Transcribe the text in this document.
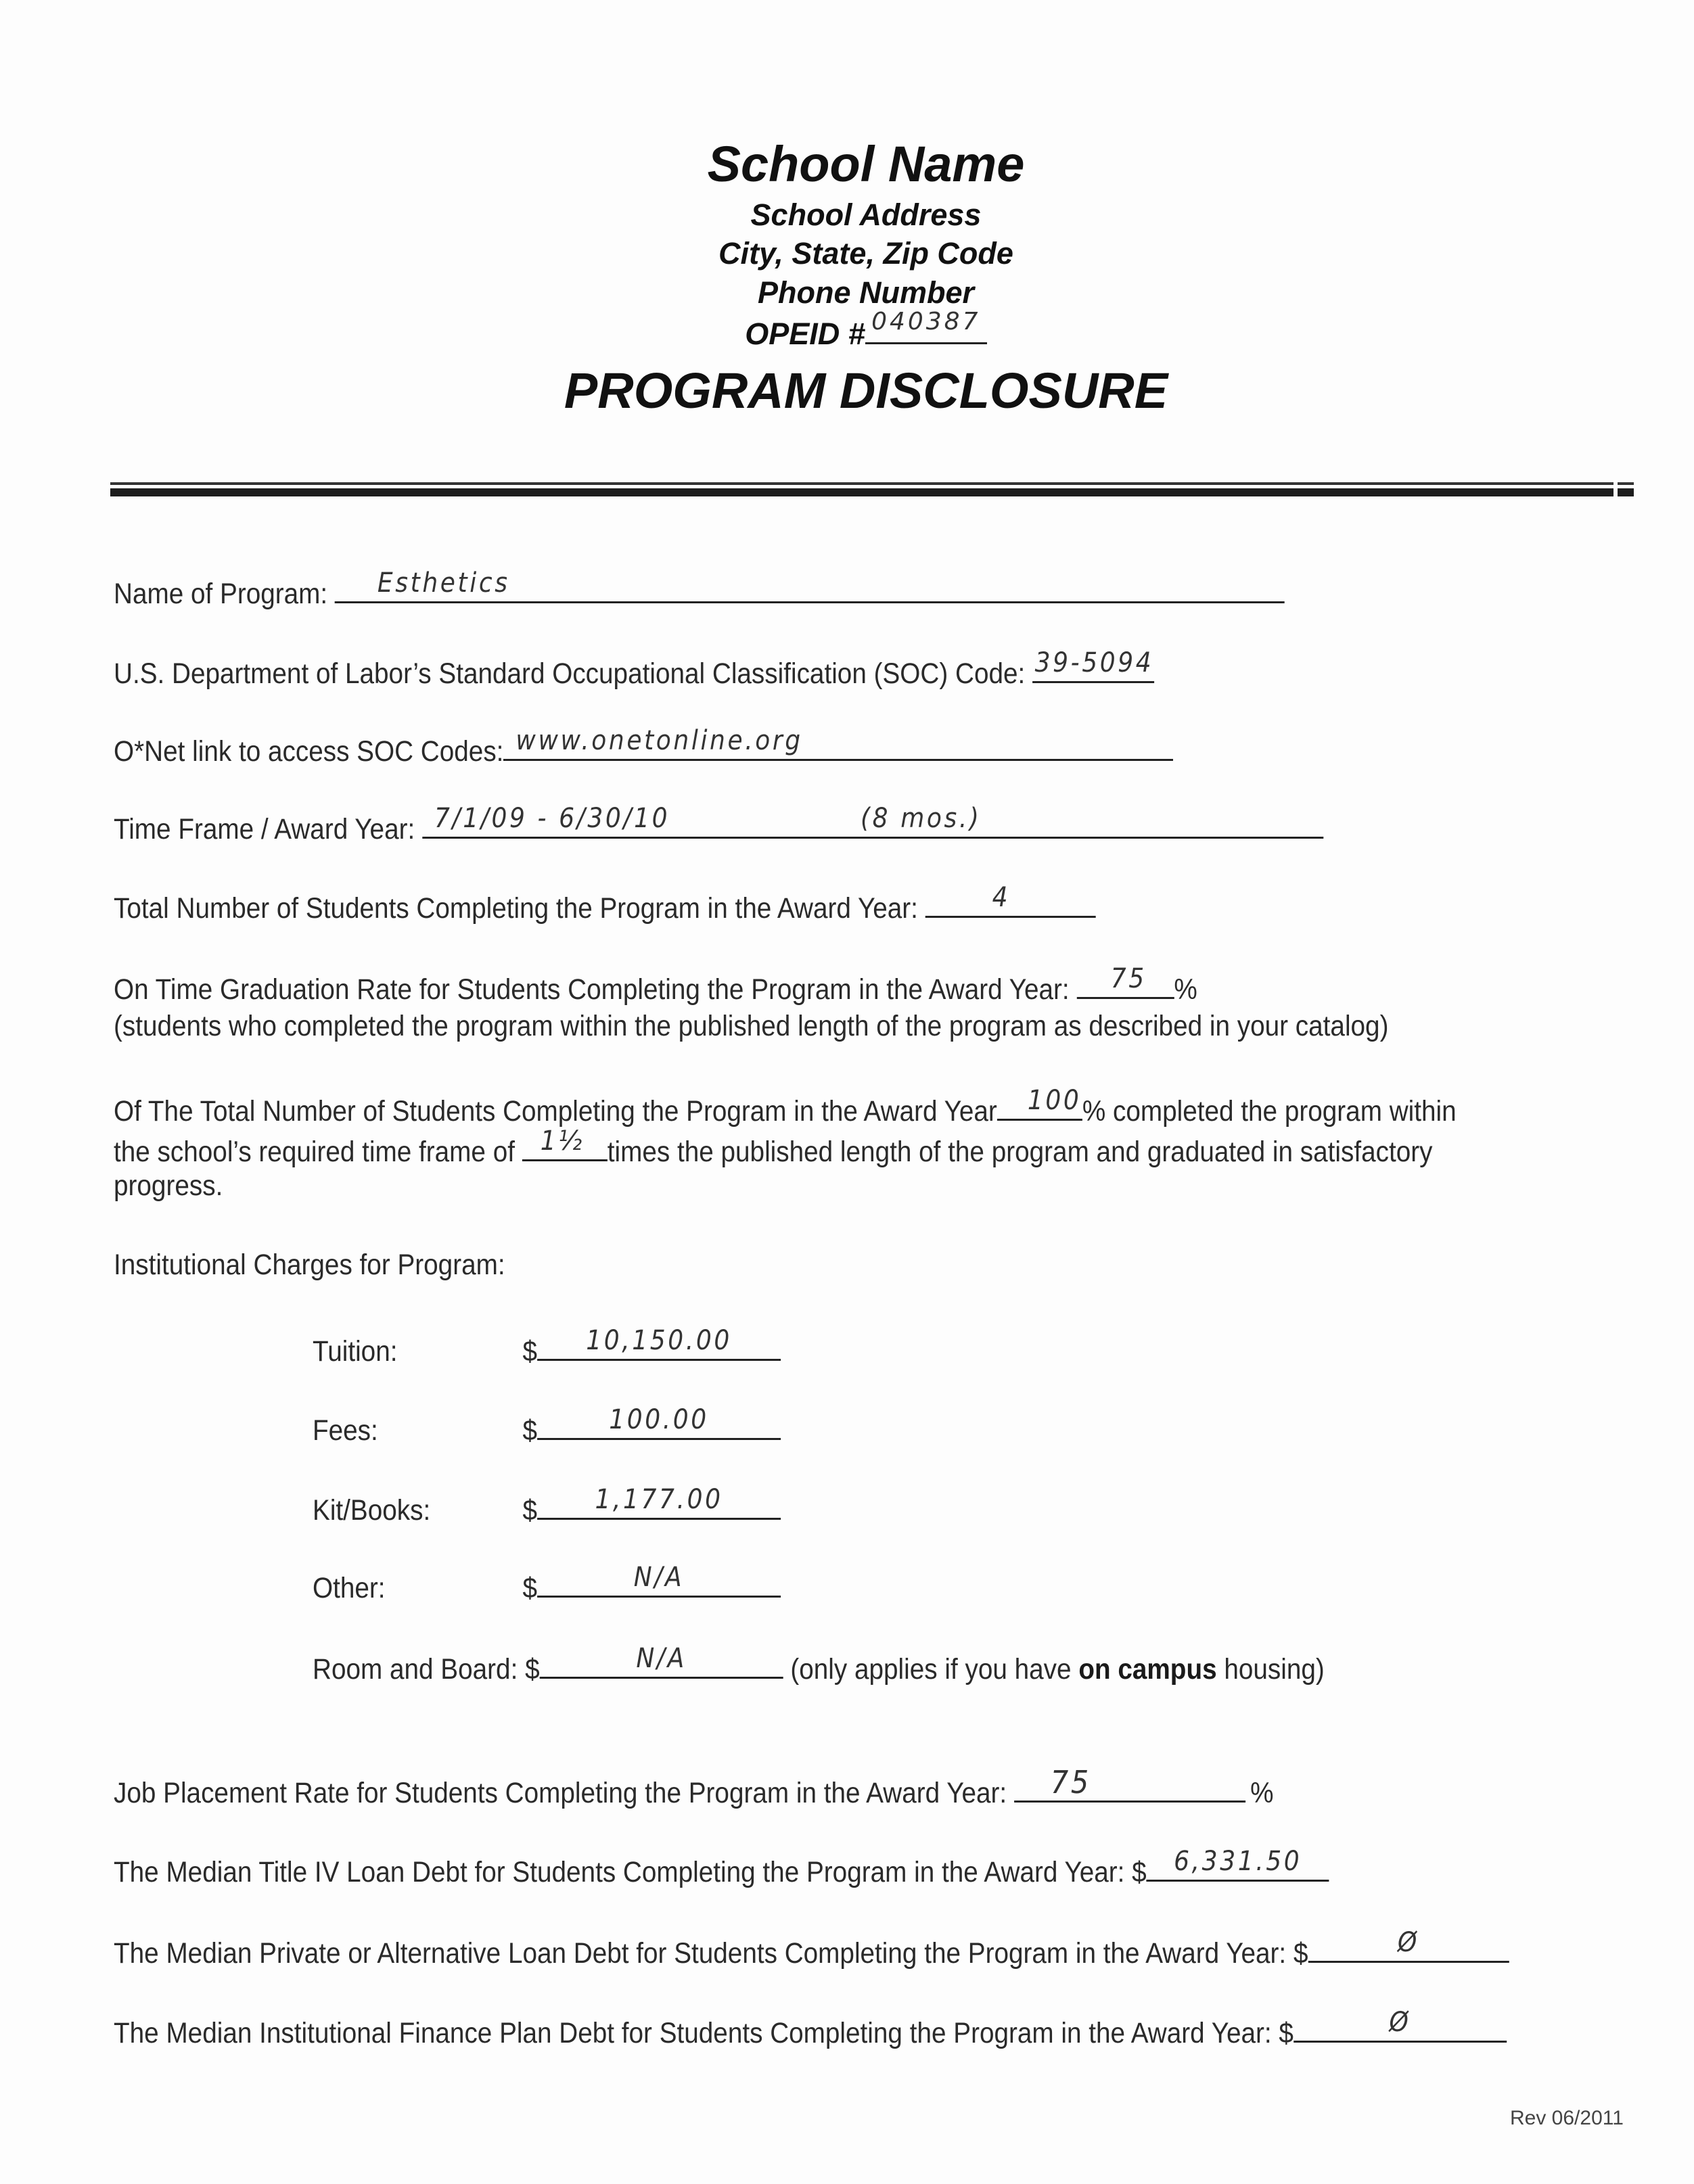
School Name
School Address
City, State, Zip Code
Phone Number
OPEID # 040387
PROGRAM DISCLOSURE
Name of Program: Esthetics
U.S. Department of Labor’s Standard Occupational Classification (SOC) Code: 39-5094
O*Net link to access SOC Codes: www.onetonline.org
Time Frame / Award Year: 7/1/09 - 6/30/10	(8 mos.)
Total Number of Students Completing the Program in the Award Year:	4
On Time Graduation Rate for Students Completing the Program in the Award Year: 75 %
(students who completed the program within the published length of the program as described in your catalog)
Of The Total Number of Students Completing the Program in the Award Year 100 % completed the program within
the school’s required time frame of 1½ times the published length of the program and graduated in satisfactory
progress.
Institutional Charges for Program:
Tuition:	$	10,150.00
Fees:	$	100.00
Kit/Books:	$	1,177.00
Other:	$	N/A
Room and Board: $	N/A	(only applies if you have on campus housing)
Job Placement Rate for Students Completing the Program in the Award Year: 75	%
The Median Title IV Loan Debt for Students Completing the Program in the Award Year: $	6,331.50
The Median Private or Alternative Loan Debt for Students Completing the Program in the Award Year: $	Ø
The Median Institutional Finance Plan Debt for Students Completing the Program in the Award Year: $	Ø
Rev 06/2011
